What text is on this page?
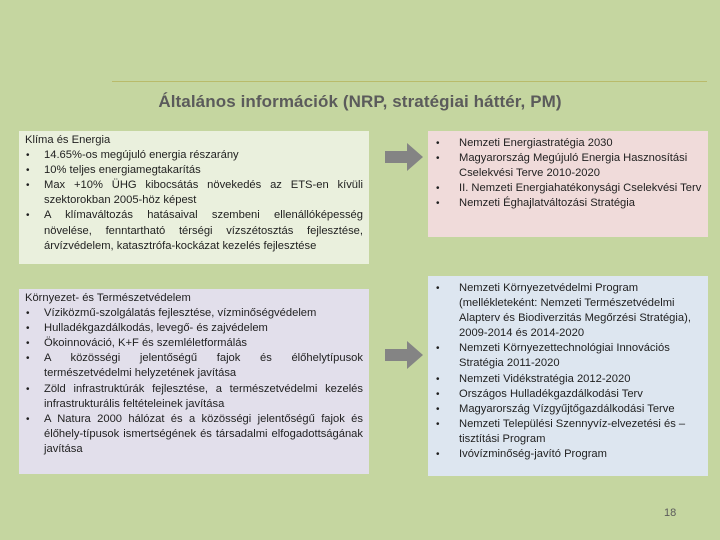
Általános információk (NRP, stratégiai háttér, PM)
Klíma és Energia
• 14.65%-os megújuló energia részarány
• 10% teljes energiamegtakarítás
• Max +10% ÜHG kibocsátás növekedés az ETS-en kívüli szektorokban 2005-höz képest
• A klímaváltozás hatásaival szembeni ellenállóképesség növelése, fenntartható térségi vízszétosztás fejlesztése, árvízvédelem, katasztrófa-kockázat kezelés fejlesztése
Környezet- és Természetvédelem
• Víziközmű-szolgálatás fejlesztése, vízminőségvédelem
• Hulladékgazdálkodás, levegő- és zajvédelem
• Ökoinnováció, K+F és szemléletformálás
• A közösségi jelentőségű fajok és élőhelytípusok természetvédelmi helyzetének javítása
• Zöld infrastruktúrák fejlesztése, a természetvédelmi kezelés infrastrukturális feltételeinek javítása
• A Natura 2000 hálózat és a közösségi jelentőségű fajok és élőhely-típusok ismertségének és társadalmi elfogadottságának javítása
• Nemzeti Energiastratégia 2030
• Magyarország Megújuló Energia Hasznosítási Cselekvési Terve 2010-2020
• II. Nemzeti Energiahatékonysági Cselekvési Terv
• Nemzeti Éghajlatváltozási Stratégia
• Nemzeti Környezetvédelmi Program (mellékleteként: Nemzeti Természetvédelmi Alapterv és Biodiverzitás Megőrzési Stratégia), 2009-2014 és 2014-2020
• Nemzeti Környezettechnológiai Innovációs Stratégia 2011-2020
• Nemzeti Vidékstratégia 2012-2020
• Országos Hulladékgazdálkodási Terv
• Magyarország Vízgyűjtőgazdálkodási Terve
• Nemzeti Települési Szennyvíz-elvezetési és – tisztítási Program
• Ivóvízminőség-javító Program
18
